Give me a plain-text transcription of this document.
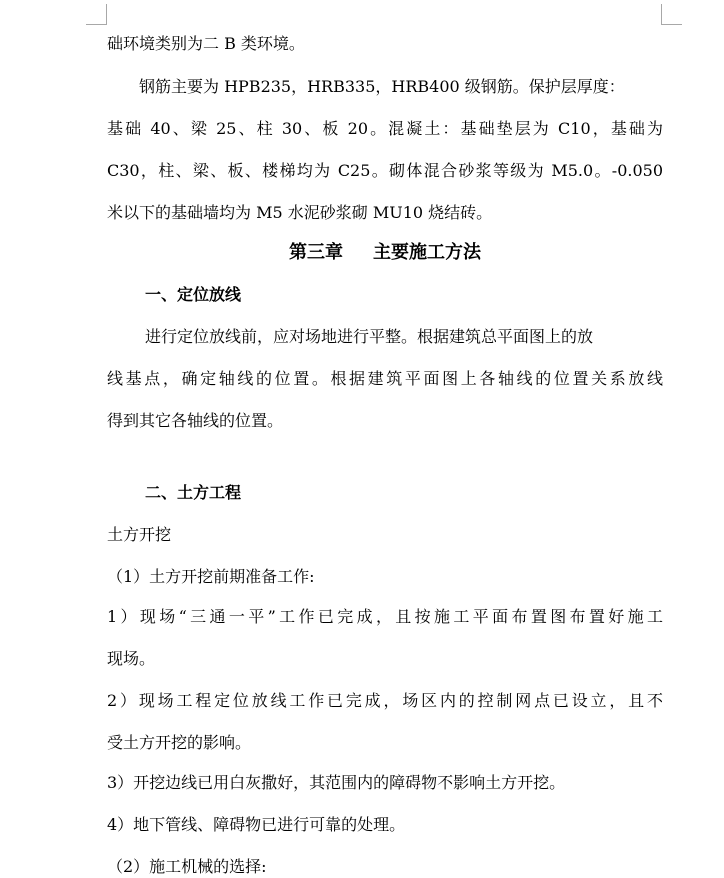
础环境类别为二 B 类环境。
钢筋主要为 HPB235，HRB335，HRB400 级钢筋。保护层厚度：
基础 40、梁 25、柱 30、板 20。混凝土：基础垫层为 C10，基础为
C30，柱、梁、板、楼梯均为 C25。砌体混合砂浆等级为 M5.0。-0.050
米以下的基础墙均为 M5 水泥砂浆砌 MU10 烧结砖。
第三章 主要施工方法
一、定位放线
进行定位放线前，应对场地进行平整。根据建筑总平面图上的放
线基点，确定轴线的位置。根据建筑平面图上各轴线的位置关系放线
得到其它各轴线的位置。
二、土方工程
土方开挖
（1）土方开挖前期准备工作:
1）现场“三通一平”工作已完成，且按施工平面布置图布置好施工
现场。
2）现场工程定位放线工作已完成，场区内的控制网点已设立，且不
受土方开挖的影响。
3）开挖边线已用白灰撒好，其范围内的障碍物不影响土方开挖。
4）地下管线、障碍物已进行可靠的处理。
（2）施工机械的选择:
